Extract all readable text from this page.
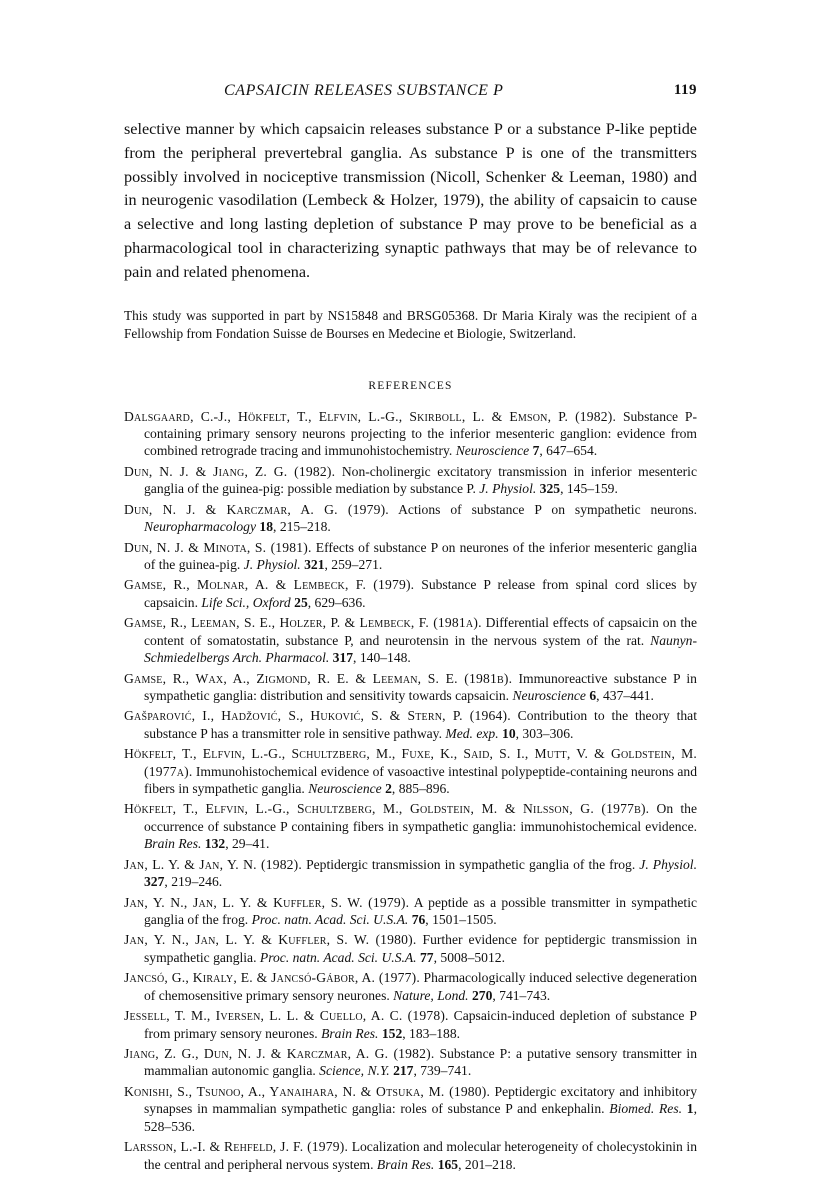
CAPSAICIN RELEASES SUBSTANCE P	119

selective manner by which capsaicin releases substance P or a substance P-like peptide from the peripheral prevertebral ganglia. As substance P is one of the transmitters possibly involved in nociceptive transmission (Nicoll, Schenker & Leeman, 1980) and in neurogenic vasodilation (Lembeck & Holzer, 1979), the ability of capsaicin to cause a selective and long lasting depletion of substance P may prove to be beneficial as a pharmacological tool in characterizing synaptic pathways that may be of relevance to pain and related phenomena.

This study was supported in part by NS15848 and BRSG05368. Dr Maria Kiraly was the recipient of a Fellowship from Fondation Suisse de Bourses en Medecine et Biologie, Switzerland.

REFERENCES
Dalsgaard, C.-J., Hökfelt, T., Elfvin, L.-G., Skirboll, L. & Emson, P. (1982). Substance P-containing primary sensory neurons projecting to the inferior mesenteric ganglion: evidence from combined retrograde tracing and immunohistochemistry. Neuroscience 7, 647–654.
Dun, N. J. & Jiang, Z. G. (1982). Non-cholinergic excitatory transmission in inferior mesenteric ganglia of the guinea-pig: possible mediation by substance P. J. Physiol. 325, 145–159.
Dun, N. J. & Karczmar, A. G. (1979). Actions of substance P on sympathetic neurons. Neuropharmacology 18, 215–218.
Dun, N. J. & Minota, S. (1981). Effects of substance P on neurones of the inferior mesenteric ganglia of the guinea-pig. J. Physiol. 321, 259–271.
Gamse, R., Molnar, A. & Lembeck, F. (1979). Substance P release from spinal cord slices by capsaicin. Life Sci., Oxford 25, 629–636.
Gamse, R., Leeman, S. E., Holzer, P. & Lembeck, F. (1981a). Differential effects of capsaicin on the content of somatostatin, substance P, and neurotensin in the nervous system of the rat. Naunyn-Schmiedelbergs Arch. Pharmacol. 317, 140–148.
Gamse, R., Wax, A., Zigmond, R. E. & Leeman, S. E. (1981b). Immunoreactive substance P in sympathetic ganglia: distribution and sensitivity towards capsaicin. Neuroscience 6, 437–441.
Gašparović, I., Hadžović, S., Huković, S. & Stern, P. (1964). Contribution to the theory that substance P has a transmitter role in sensitive pathway. Med. exp. 10, 303–306.
Hökfelt, T., Elfvin, L.-G., Schultzberg, M., Fuxe, K., Said, S. I., Mutt, V. & Goldstein, M. (1977a). Immunohistochemical evidence of vasoactive intestinal polypeptide-containing neurons and fibers in sympathetic ganglia. Neuroscience 2, 885–896.
Hökfelt, T., Elfvin, L.-G., Schultzberg, M., Goldstein, M. & Nilsson, G. (1977b). On the occurrence of substance P containing fibers in sympathetic ganglia: immunohistochemical evidence. Brain Res. 132, 29–41.
Jan, L. Y. & Jan, Y. N. (1982). Peptidergic transmission in sympathetic ganglia of the frog. J. Physiol. 327, 219–246.
Jan, Y. N., Jan, L. Y. & Kuffler, S. W. (1979). A peptide as a possible transmitter in sympathetic ganglia of the frog. Proc. natn. Acad. Sci. U.S.A. 76, 1501–1505.
Jan, Y. N., Jan, L. Y. & Kuffler, S. W. (1980). Further evidence for peptidergic transmission in sympathetic ganglia. Proc. natn. Acad. Sci. U.S.A. 77, 5008–5012.
Jancsó, G., Kiraly, E. & Jancsó-Gábor, A. (1977). Pharmacologically induced selective degeneration of chemosensitive primary sensory neurones. Nature, Lond. 270, 741–743.
Jessell, T. M., Iversen, L. L. & Cuello, A. C. (1978). Capsaicin-induced depletion of substance P from primary sensory neurones. Brain Res. 152, 183–188.
Jiang, Z. G., Dun, N. J. & Karczmar, A. G. (1982). Substance P: a putative sensory transmitter in mammalian autonomic ganglia. Science, N.Y. 217, 739–741.
Konishi, S., Tsunoo, A., Yanaihara, N. & Otsuka, M. (1980). Peptidergic excitatory and inhibitory synapses in mammalian sympathetic ganglia: roles of substance P and enkephalin. Biomed. Res. 1, 528–536.
Larsson, L.-I. & Rehfeld, J. F. (1979). Localization and molecular heterogeneity of cholecystokinin in the central and peripheral nervous system. Brain Res. 165, 201–218.
